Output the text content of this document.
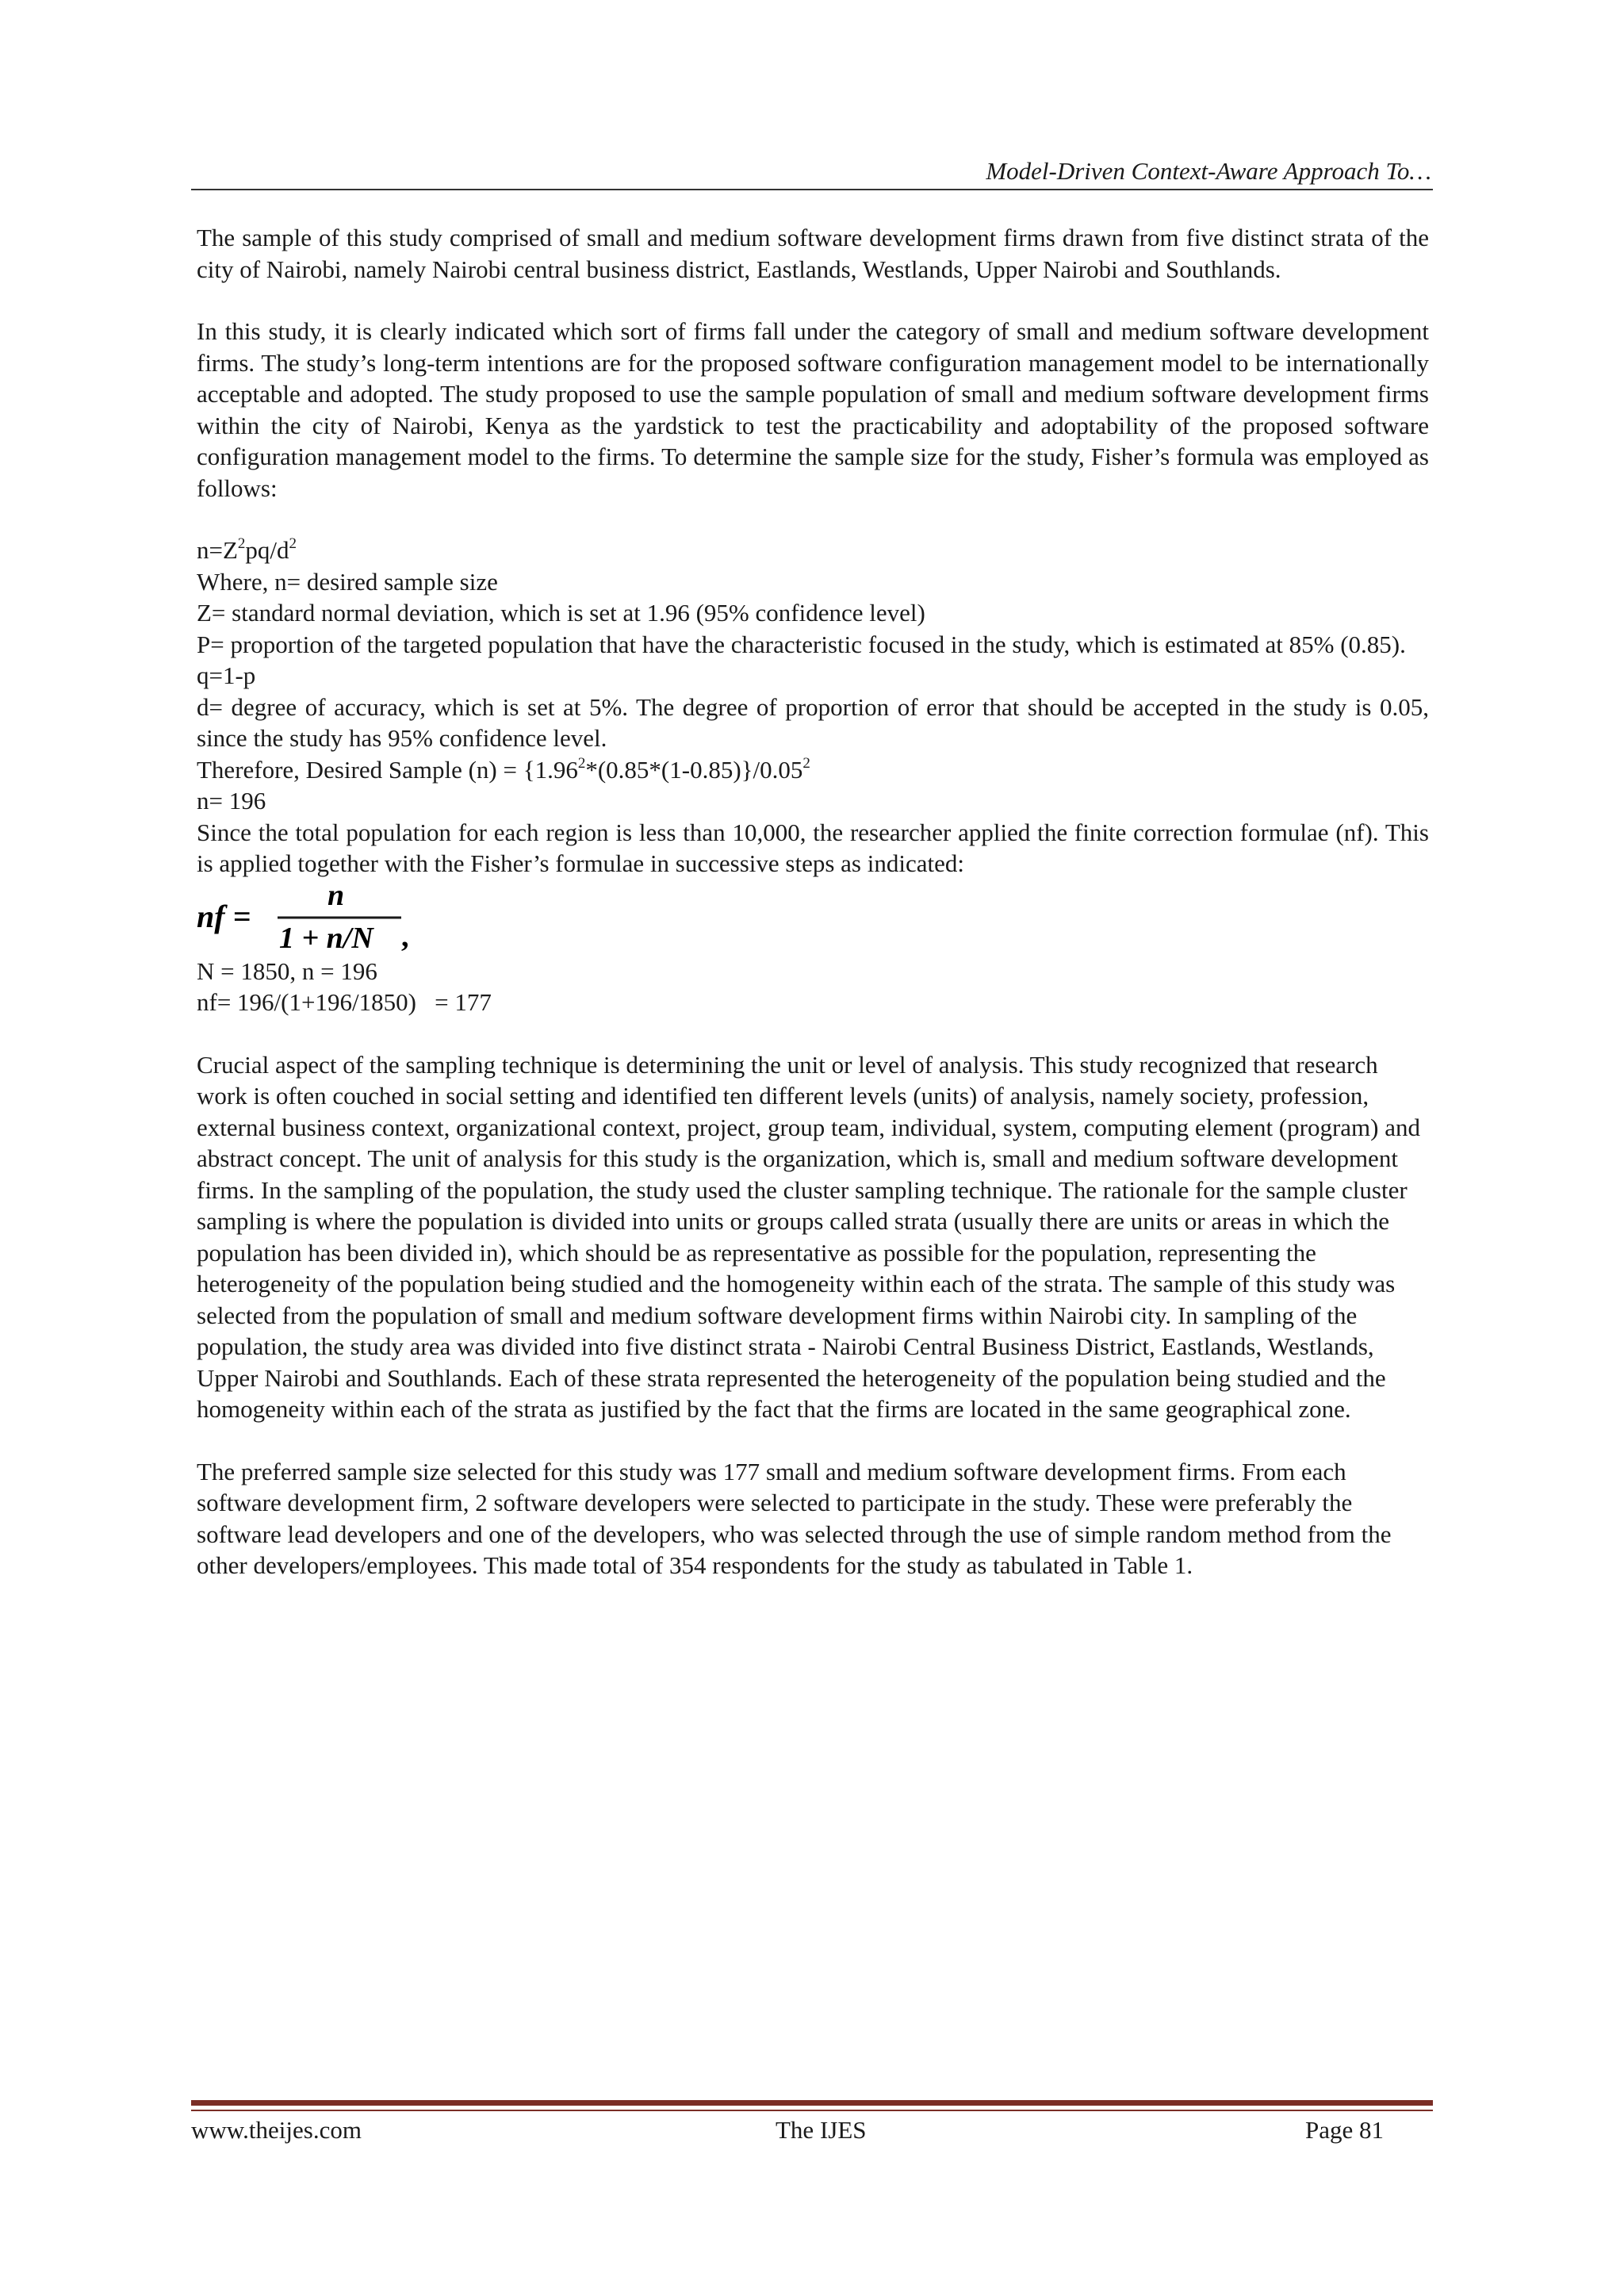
Model-Driven Context-Aware Approach To…

The sample of this study comprised of small and medium software development firms drawn from five distinct strata of the city of Nairobi, namely Nairobi central business district, Eastlands, Westlands, Upper Nairobi and Southlands.

In this study, it is clearly indicated which sort of firms fall under the category of small and medium software development firms. The study’s long-term intentions are for the proposed software configuration management model to be internationally acceptable and adopted. The study proposed to use the sample population of small and medium software development firms within the city of Nairobi, Kenya as the yardstick to test the practicability and adoptability of the proposed software configuration management model to the firms. To determine the sample size for the study, Fisher’s formula was employed as follows:

$n=Z^2pq/d^2$

Where, n= desired sample size

Z= standard normal deviation, which is set at 1.96 (95% confidence level)

P= proportion of the targeted population that have the characteristic focused in the study, which is estimated at 85% (0.85).

q=1-p

d= degree of accuracy, which is set at 5%. The degree of proportion of error that should be accepted in the study is 0.05, since the study has 95% confidence level.

Therefore, Desired Sample $(n) = \{1.96^2*(0.85*(1-0.85)\}/0.05^2$

n= 196

Since the total population for each region is less than 10,000, the researcher applied the finite correction formulae (nf). This is applied together with the Fisher’s formulae in successive steps as indicated:

nf =
n
1 + n/N ,

N = 1850, n = 196

nf= 196/(1+196/1850)   = 177

Crucial aspect of the sampling technique is determining the unit or level of analysis. This study recognized that research work is often couched in social setting and identified ten different levels (units) of analysis, namely society, profession, external business context, organizational context, project, group team, individual, system, computing element (program) and abstract concept. The unit of analysis for this study is the organization, which is, small and medium software development firms. In the sampling of the population, the study used the cluster sampling technique. The rationale for the sample cluster sampling is where the population is divided into units or groups called strata (usually there are units or areas in which the population has been divided in), which should be as representative as possible for the population, representing the heterogeneity of the population being studied and the homogeneity within each of the strata. The sample of this study was selected from the population of small and medium software development firms within Nairobi city. In sampling of the population, the study area was divided into five distinct strata - Nairobi Central Business District, Eastlands, Westlands, Upper Nairobi and Southlands. Each of these strata represented the heterogeneity of the population being studied and the homogeneity within each of the strata as justified by the fact that the firms are located in the same geographical zone.

The preferred sample size selected for this study was 177 small and medium software development firms. From each software development firm, 2 software developers were selected to participate in the study. These were preferably the software lead developers and one of the developers, who was selected through the use of simple random method from the other developers/employees. This made total of 354 respondents for the study as tabulated in Table 1.

www.theijes.com	The IJES	Page 81
